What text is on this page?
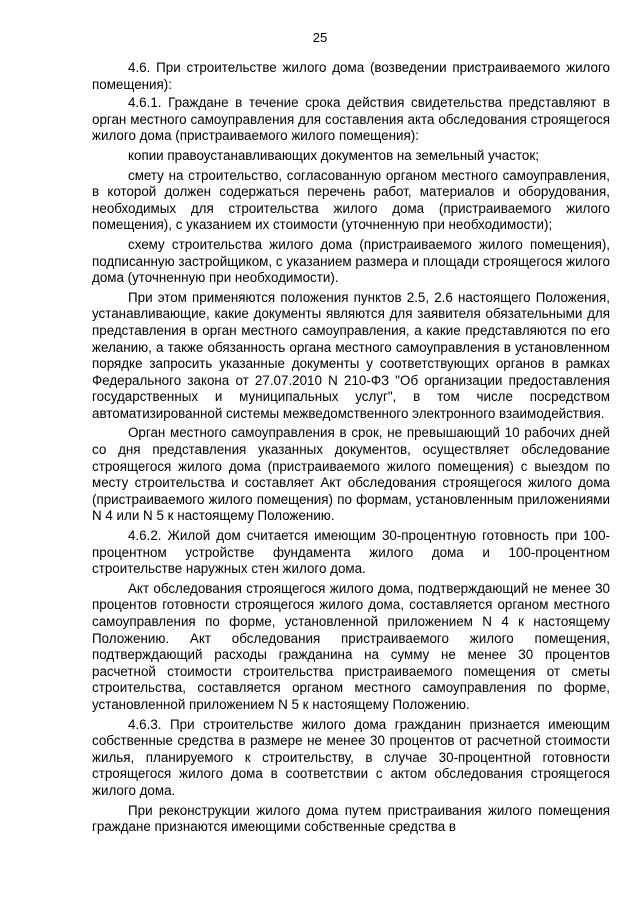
25

4.6. При строительстве жилого дома (возведении пристраиваемого жилого помещения):

4.6.1. Граждане в течение срока действия свидетельства представляют в орган местного самоуправления для составления акта обследования строящегося жилого дома (пристраиваемого жилого помещения):

копии правоустанавливающих документов на земельный участок;

смету на строительство, согласованную органом местного самоуправления, в которой должен содержаться перечень работ, материалов и оборудования, необходимых для строительства жилого дома (пристраиваемого жилого помещения), с указанием их стоимости (уточненную при необходимости);

схему строительства жилого дома (пристраиваемого жилого помещения), подписанную застройщиком, с указанием размера и площади строящегося жилого дома (уточненную при необходимости).

При этом применяются положения пунктов 2.5, 2.6 настоящего Положения, устанавливающие, какие документы являются для заявителя обязательными для представления в орган местного самоуправления, а какие представляются по его желанию, а также обязанность органа местного самоуправления в установленном порядке запросить указанные документы у соответствующих органов в рамках Федерального закона от 27.07.2010 N 210-ФЗ "Об организации предоставления государственных и муниципальных услуг", в том числе посредством автоматизированной системы межведомственного электронного взаимодействия.

Орган местного самоуправления в срок, не превышающий 10 рабочих дней со дня представления указанных документов, осуществляет обследование строящегося жилого дома (пристраиваемого жилого помещения) с выездом по месту строительства и составляет Акт обследования строящегося жилого дома (пристраиваемого жилого помещения) по формам, установленным приложениями N 4 или N 5 к настоящему Положению.

4.6.2. Жилой дом считается имеющим 30-процентную готовность при 100-процентном устройстве фундамента жилого дома и 100-процентном строительстве наружных стен жилого дома.

Акт обследования строящегося жилого дома, подтверждающий не менее 30 процентов готовности строящегося жилого дома, составляется органом местного самоуправления по форме, установленной приложением N 4 к настоящему Положению. Акт обследования пристраиваемого жилого помещения, подтверждающий расходы гражданина на сумму не менее 30 процентов расчетной стоимости строительства пристраиваемого помещения от сметы строительства, составляется органом местного самоуправления по форме, установленной приложением N 5 к настоящему Положению.

4.6.3. При строительстве жилого дома гражданин признается имеющим собственные средства в размере не менее 30 процентов от расчетной стоимости жилья, планируемого к строительству, в случае 30-процентной готовности строящегося жилого дома в соответствии с актом обследования строящегося жилого дома.

При реконструкции жилого дома путем пристраивания жилого помещения граждане признаются имеющими собственные средства в
